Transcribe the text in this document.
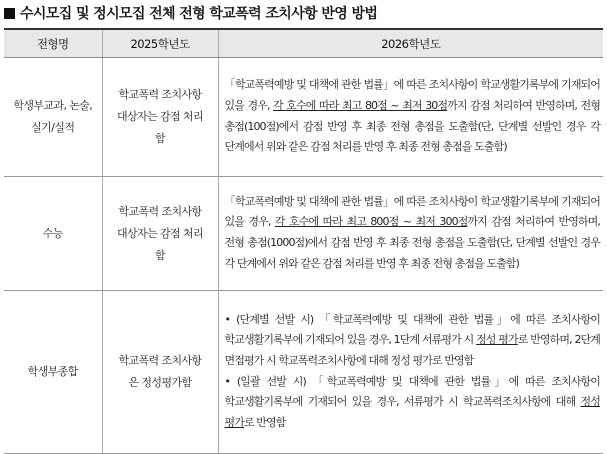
수시모집 및 정시모집 전체 전형 학교폭력 조치사항 반영 방법
전형명	2025학년도	2026학년도
학생부교과, 논술, 실기/실적	학교폭력 조치사항 대상자는 감점 처리함	「학교폭력예방 및 대책에 관한 법률」에 따른 조치사항이 학교생활기록부에 기재되어 있을 경우, 각 호수에 따라 최고 80점 ~ 최저 30점까지 감점 처리하여 반영하며, 전형 총점(100점)에서 감점 반영 후 최종 전형 총점을 도출함(단, 단계별 선발인 경우 각 단계에서 위와 같은 감점 처리를 반영 후 최종 전형 총점을 도출함)
수능	학교폭력 조치사항 대상자는 감점 처리함	「학교폭력예방 및 대책에 관한 법률」에 따른 조치사항이 학교생활기록부에 기재되어 있을 경우, 각 호수에 따라 최고 800점 ~ 최저 300점까지 감점 처리하여 반영하며, 전형 총점(1000점)에서 감점 반영 후 최종 전형 총점을 도출함(단, 단계별 선발인 경우 각 단계에서 위와 같은 감점 처리를 반영 후 최종 전형 총점을 도출함)
학생부종합	학교폭력 조치사항은 정성평가함	• (단계별 선발 시) 「학교폭력예방 및 대책에 관한 법률」에 따른 조치사항이 학교생활기록부에 기재되어 있을 경우, 1단계 서류평가 시 정성 평가로 반영하며, 2단계 면접평가 시 학교폭력조치사항에 대해 정성 평가로 반영함

• (일괄 선발 시) 「학교폭력예방 및 대책에 관한 법률」에 따른 조치사항이 학교생활기록부에 기재되어 있을 경우, 서류평가 시 학교폭력조치사항에 대해 정성 평가로 반영함
